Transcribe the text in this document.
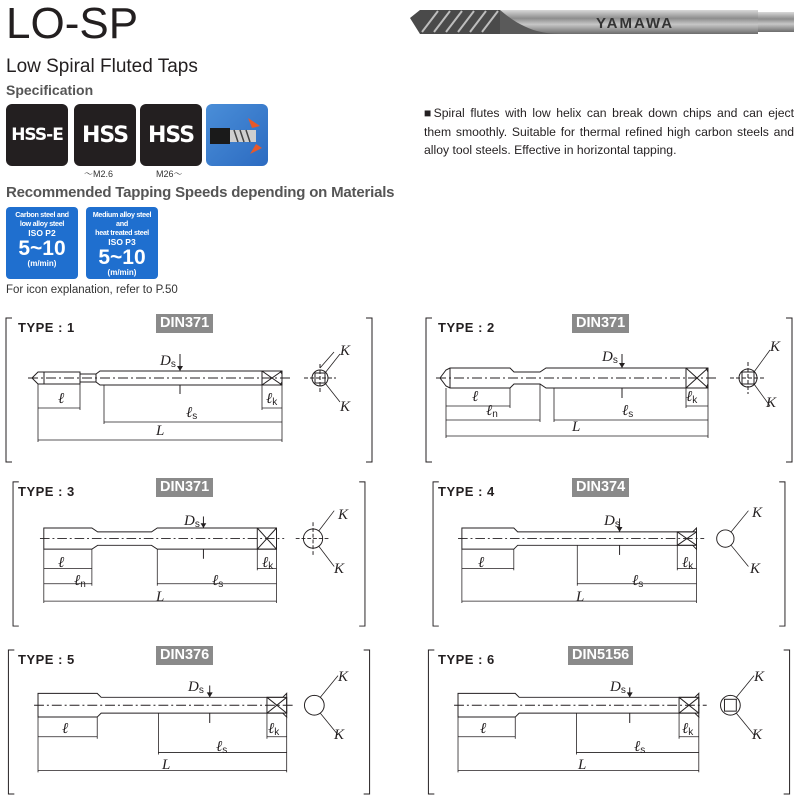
LO-SP
Low Spiral Fluted Taps
Specification
YAMAWA
HSS-E HSS
～M2.6
HSS
M26～
■Spiral flutes with low helix can break down chips and can eject them smoothly. Suitable for thermal refined high carbon steels and alloy tool steels. Effective in horizontal tapping.
Recommended Tapping Speeds depending on Materials
Carbon steel and
low alloy steel
ISO P2
5~10
(m/min)
Medium alloy steel and
heat treated steel
ISO P3
5~10
(m/min)
For icon explanation, refer to P.50
TYPE : 1	DIN371
$D_s$
ℓ
ℓ$_s$
ℓ$_k$
L
K
K
TYPE : 2	DIN371
$D_s$
ℓ
ℓ$_n$	ℓ$_s$
ℓ$_k$
L
K
K
TYPE : 3	DIN371
$D_s$
ℓ
ℓ$_n$	ℓ$_s$
ℓ$_k$
L
K
K
TYPE : 4	DIN374
$D_s$
ℓ
ℓ$_s$
ℓ$_k$
L
K
K
TYPE : 5	DIN376
$D_s$
ℓ
ℓ$_s$
ℓ$_k$
L
K
K
TYPE : 6	DIN5156
$D_s$
ℓ
ℓ$_s$
ℓ$_k$
L
K
K
